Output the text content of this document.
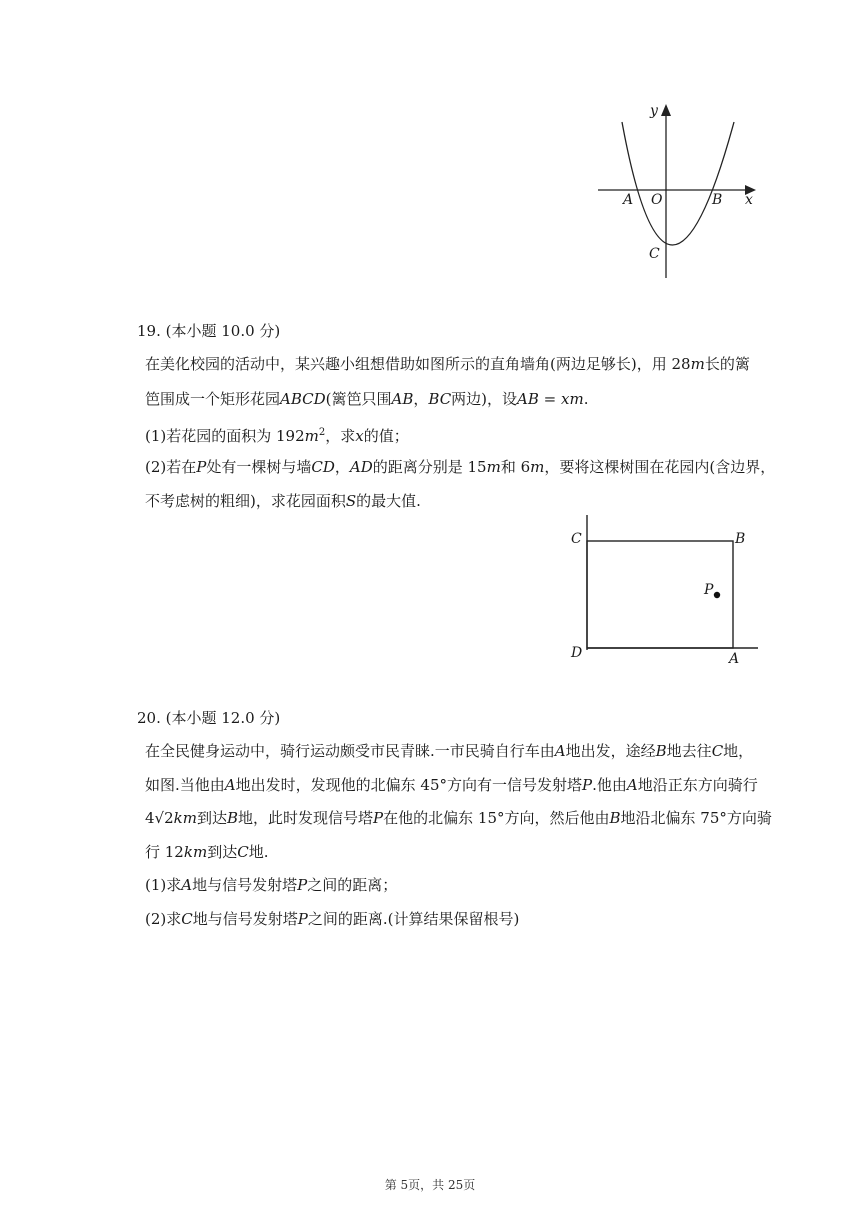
y
x
O
A	B
C
19. (本小题 10.0 分)
在美化校园的活动中，某兴趣小组想借助如图所示的直角墙角(两边足够长)，用 28m长的篱
笆围成一个矩形花园ABCD(篱笆只围AB，BC两边)，设AB = xm.
(1)若花园的面积为 $192m^2$，求x的值；
(2)若在P处有一棵树与墙CD，AD的距离分别是 15m和 6m，要将这棵树围在花园内(含边界，
不考虑树的粗细)，求花园面积S的最大值.
C	B
P
D	A
20. (本小题 12.0 分)
在全民健身运动中，骑行运动颇受市民青睐.一市民骑自行车由A地出发，途经B地去往C地，
如图.当他由A地出发时，发现他的北偏东 45°方向有一信号发射塔P.他由A地沿正东方向骑行
4√2km到达B地，此时发现信号塔P在他的北偏东 15°方向，然后他由B地沿北偏东 75°方向骑
行 12km到达C地.
(1)求A地与信号发射塔P之间的距离；
(2)求C地与信号发射塔P之间的距离.(计算结果保留根号)
第 5页，共 25页
